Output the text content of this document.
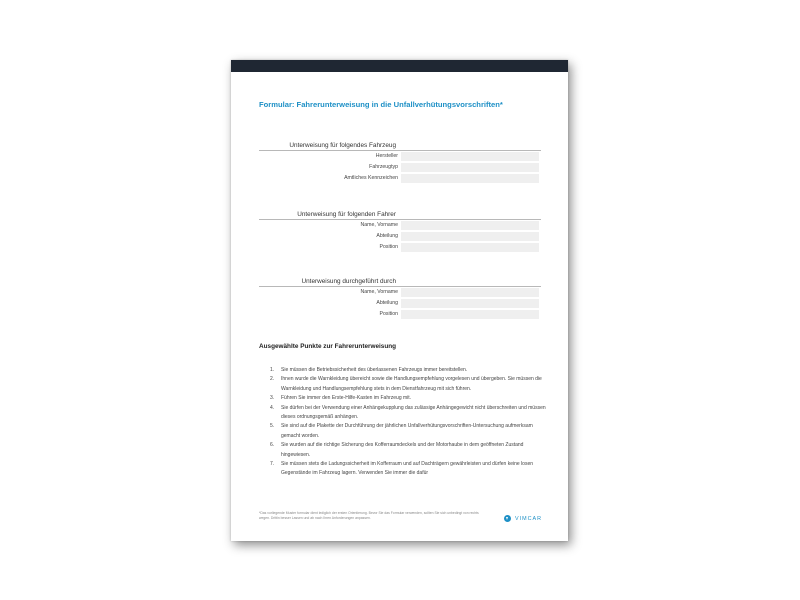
Formular: Fahrerunterweisung in die Unfallverhütungsvorschriften*
Unterweisung für folgendes Fahrzeug
Hersteller
Fahrzeugtyp
Amtliches Kennzeichen
Unterweisung für folgenden Fahrer
Name, Vorname
Abteilung
Position
Unterweisung durchgeführt durch
Name, Vorname
Abteilung
Position
Ausgewählte Punkte zur Fahrerunterweisung
1. Sie müssen die Betriebssicherheit des überlassenen Fahrzeugs immer bereitstellen.
2. Ihnen wurde die Warnkleidung übereicht sowie die Handlungsempfehlung vorgelesen und übergeben. Sie müssen die Warnkleidung und Handlungsempfehlung stets in dem Dienstfahrzeug mit sich führen.
3. Führen Sie immer den Erste-Hilfe-Kasten im Fahrzeug mit.
4. Sie dürfen bei der Verwendung einer Anhängekupplung das zulässige Anhängegewicht nicht überschreiten und müssen dieses ordnungsgemäß anhängen.
5. Sie sind auf die Plakette der Durchführung der jährlichen Unfallverhütungsvorschriften-Untersuchung aufmerksam gemacht worden.
6. Sie wurden auf die richtige Sicherung des Kofferraumdeckels und der Motorhaube in dem geöffneten Zustand hingewiesen.
7. Sie müssen stets die Ladungssicherheit im Kofferraum und auf Dachträgern gewährleisten und dürfen keine losen Gegenstände im Fahrzeug lagern. Verwenden Sie immer die dafür
*Das vorliegende Muster formular dient lediglich der ersten Orientierung. Bevor Sie das Formular verwenden, sollten Sie sich unbedingt von rechts wegen. Drittin besser Lassen und ab nach Ihren Anforderungen anpassen.	VIMCAR
